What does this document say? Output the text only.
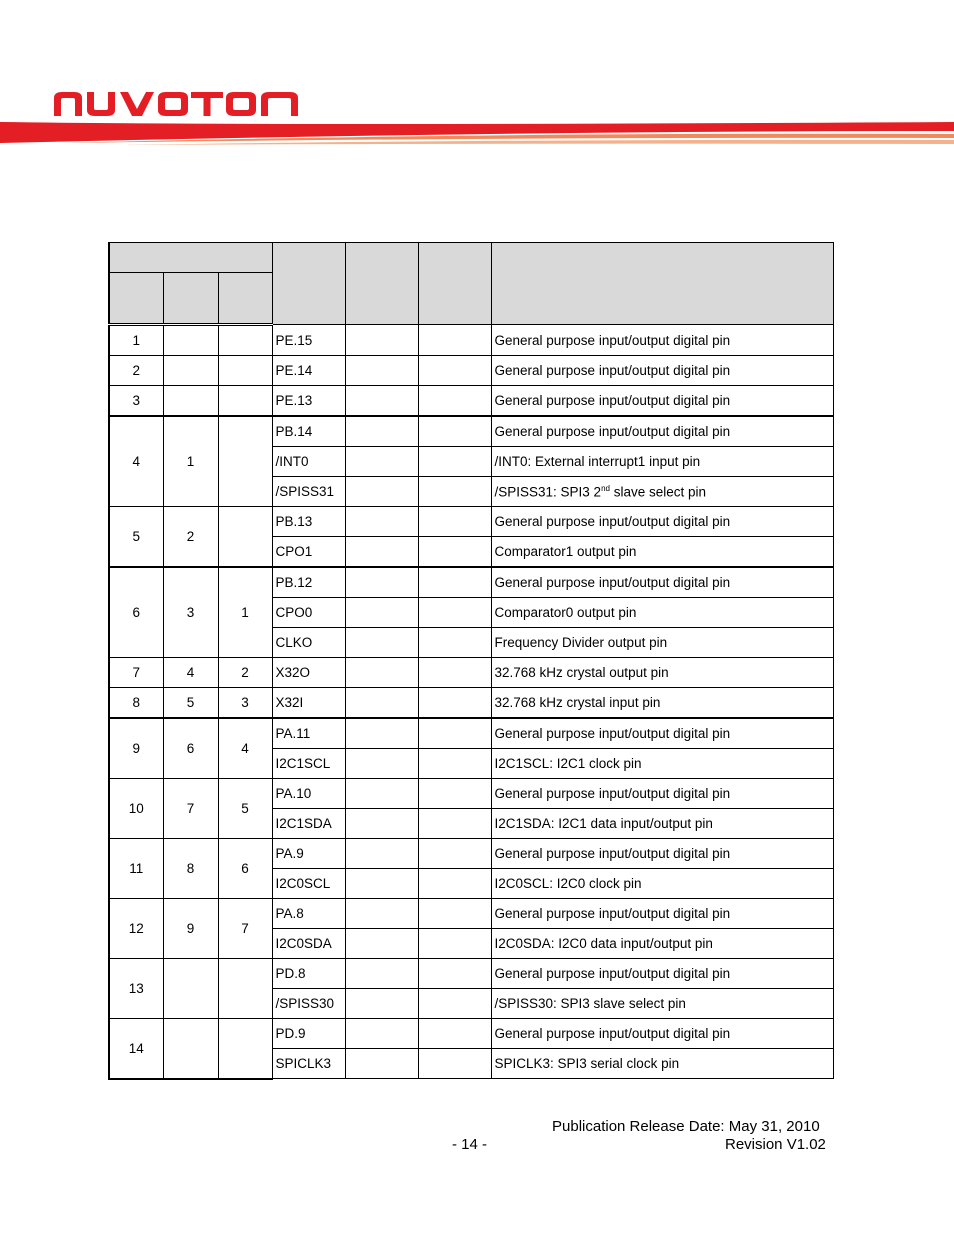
1			PE.15			General purpose input/output digital pin
2			PE.14			General purpose input/output digital pin
3			PE.13			General purpose input/output digital pin
4	1		PB.14			General purpose input/output digital pin
			/INT0			/INT0: External interrupt1 input pin
			/SPISS31			/SPISS31: SPI3 2nd slave select pin
5	2		PB.13			General purpose input/output digital pin
			CPO1			Comparator1 output pin
6	3	1	PB.12			General purpose input/output digital pin
			CPO0			Comparator0 output pin
			CLKO			Frequency Divider output pin
7	4	2	X32O			32.768 kHz crystal output pin
8	5	3	X32I			32.768 kHz crystal input pin
9	6	4	PA.11			General purpose input/output digital pin
			I2C1SCL			I2C1SCL: I2C1 clock pin
10	7	5	PA.10			General purpose input/output digital pin
			I2C1SDA			I2C1SDA: I2C1 data input/output pin
11	8	6	PA.9			General purpose input/output digital pin
			I2C0SCL			I2C0SCL: I2C0 clock pin
12	9	7	PA.8			General purpose input/output digital pin
			I2C0SDA			I2C0SDA: I2C0 data input/output pin
13			PD.8			General purpose input/output digital pin
			/SPISS30			/SPISS30: SPI3 slave select pin
14			PD.9			General purpose input/output digital pin
			SPICLK3			SPICLK3: SPI3 serial clock pin
Publication Release Date: May 31, 2010
- 14 -	Revision V1.02
